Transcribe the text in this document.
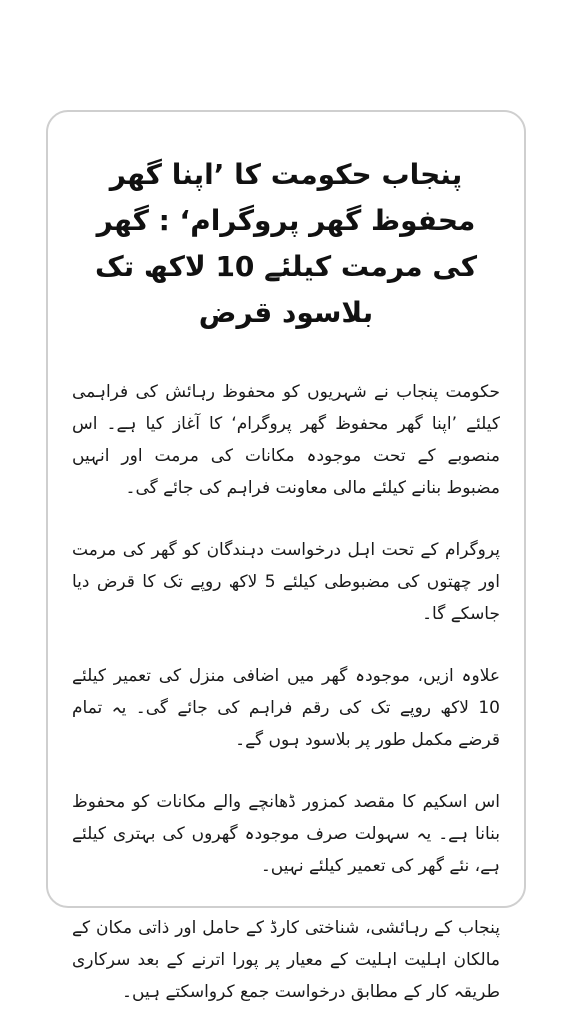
پنجاب حکومت کا ’اپنا گھر محفوظ گھر پروگرام‘ : گھر کی مرمت کیلئے 10 لاکھ تک بلاسود قرض

حکومت پنجاب نے شہریوں کو محفوظ رہائش کی فراہمی کیلئے ’اپنا گھر محفوظ گھر پروگرام‘ کا آغاز کیا ہے۔ اس منصوبے کے تحت موجودہ مکانات کی مرمت اور انہیں مضبوط بنانے کیلئے مالی معاونت فراہم کی جائے گی۔

پروگرام کے تحت اہل درخواست دہندگان کو گھر کی مرمت اور چھتوں کی مضبوطی کیلئے 5 لاکھ روپے تک کا قرض دیا جاسکے گا۔

علاوہ ازیں، موجودہ گھر میں اضافی منزل کی تعمیر کیلئے 10 لاکھ روپے تک کی رقم فراہم کی جائے گی۔ یہ تمام قرضے مکمل طور پر بلاسود ہوں گے۔

اس اسکیم کا مقصد کمزور ڈھانچے والے مکانات کو محفوظ بنانا ہے۔ یہ سہولت صرف موجودہ گھروں کی بہتری کیلئے ہے، نئے گھر کی تعمیر کیلئے نہیں۔

پنجاب کے رہائشی، شناختی کارڈ کے حامل اور ذاتی مکان کے مالکان اہلیت اہلیت کے معیار پر پورا اترنے کے بعد سرکاری طریقہ کار کے مطابق درخواست جمع کرواسکتے ہیں۔
